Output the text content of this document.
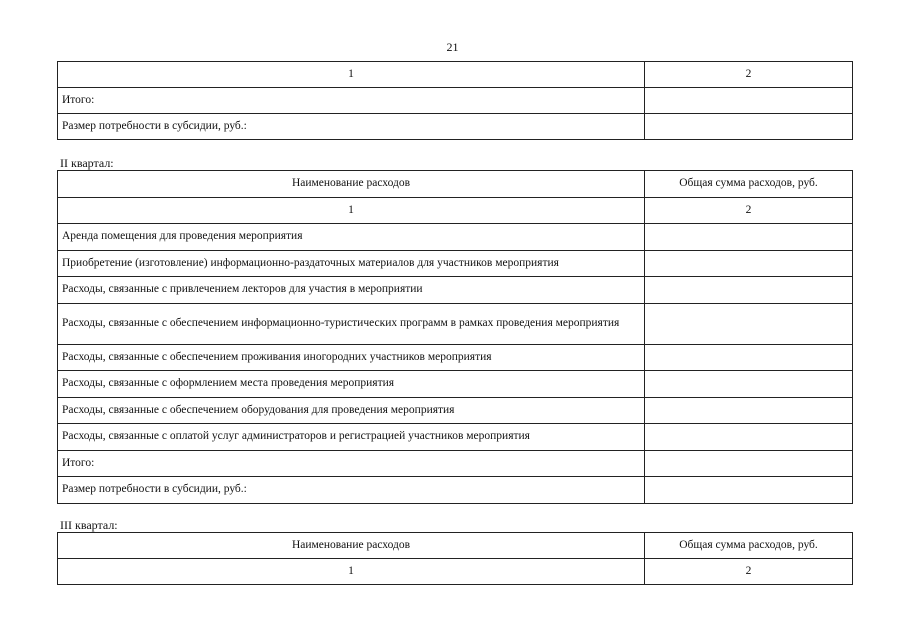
21
1	2
Итого:	
Размер потребности в субсидии, руб.:	
II квартал:
Наименование расходов	Общая сумма расходов, руб.
1	2
Аренда помещения для проведения мероприятия	
Приобретение (изготовление) информационно-раздаточных материалов для участников мероприятия	
Расходы, связанные с привлечением лекторов для участия в мероприятии	
Расходы, связанные с обеспечением информационно-туристических программ в рамках проведения мероприятия	
Расходы, связанные с обеспечением проживания иногородних участников мероприятия	
Расходы, связанные с оформлением места проведения мероприятия	
Расходы, связанные с обеспечением оборудования для проведения мероприятия	
Расходы, связанные с оплатой услуг администраторов и регистрацией участников мероприятия	
Итого:	
Размер потребности в субсидии, руб.:	
III квартал:
Наименование расходов	Общая сумма расходов, руб.
1	2
